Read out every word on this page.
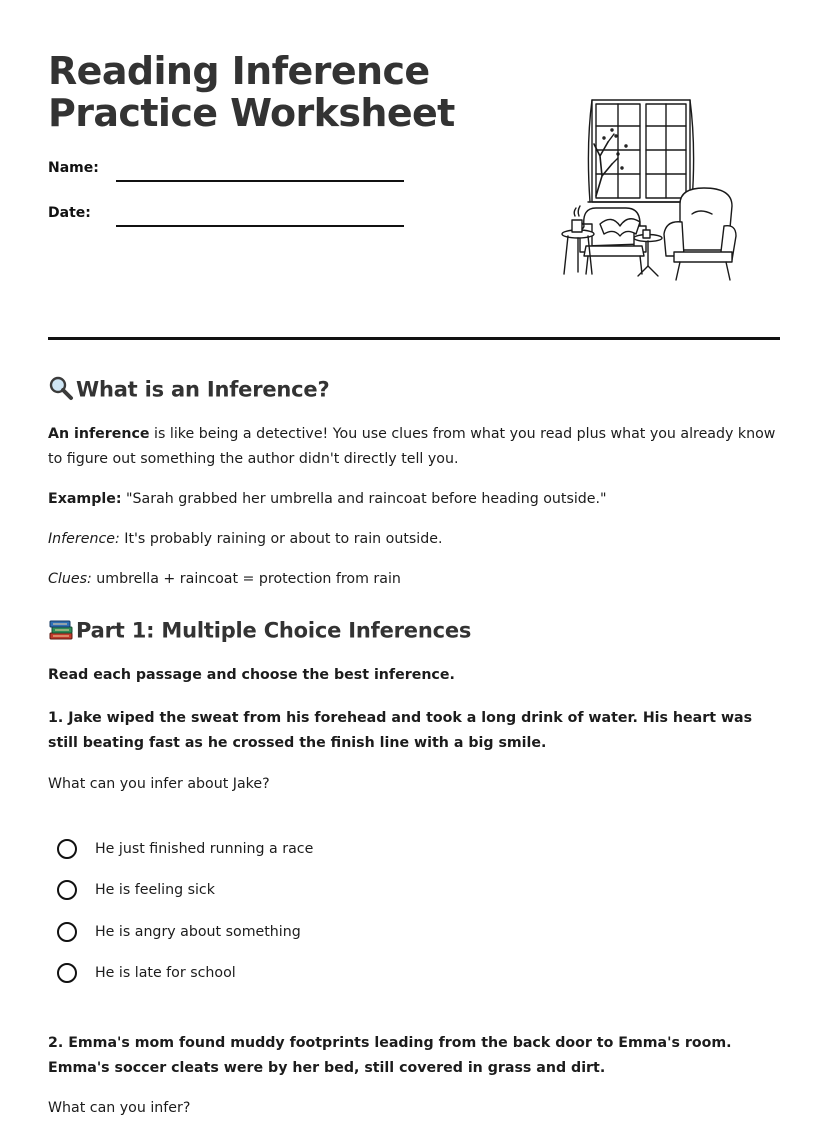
Reading Inference
Practice Worksheet
Name:
Date:
What is an Inference?

An inference is like being a detective! You use clues from what you read plus what you already know to figure out something the author didn't directly tell you.

Example: "Sarah grabbed her umbrella and raincoat before heading outside."

Inference: It's probably raining or about to rain outside.

Clues: umbrella + raincoat = protection from rain

Part 1: Multiple Choice Inferences

Read each passage and choose the best inference.

1. Jake wiped the sweat from his forehead and took a long drink of water. His heart was still beating fast as he crossed the finish line with a big smile.

What can you infer about Jake?

He just finished running a race
He is feeling sick
He is angry about something
He is late for school

2. Emma's mom found muddy footprints leading from the back door to Emma's room. Emma's soccer cleats were by her bed, still covered in grass and dirt.

What can you infer?
